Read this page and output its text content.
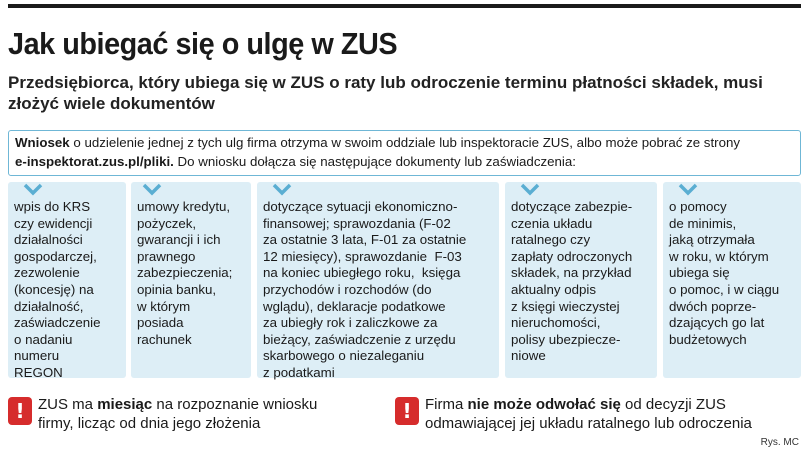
Jak ubiegać się o ulgę w ZUS

Przedsiębiorca, który ubiega się w ZUS o raty lub odroczenie terminu płatności składek, musi złożyć wiele dokumentów

Wniosek o udzielenie jednej z tych ulg firma otrzyma w swoim oddziale lub inspektoracie ZUS, albo może pobrać ze strony
e-inspektorat.zus.pl/pliki. Do wniosku dołącza się następujące dokumenty lub zaświadczenia:
wpis do KRS
czy ewidencji
działalności
gospodarczej,
zezwolenie
(koncesję) na
działalność,
zaświadczenie
o nadaniu
numeru
REGON
umowy kredytu,
pożyczek,
gwarancji i ich
prawnego
zabezpieczenia;
opinia banku,
w którym
posiada
rachunek
dotyczące sytuacji ekonomiczno-
finansowej; sprawozdania (F-02
za ostatnie 3 lata, F-01 za ostatnie
12 miesięcy), sprawozdanie  F-03
na koniec ubiegłego roku,  księga
przychodów i rozchodów (do
wglądu), deklaracje podatkowe
za ubiegły rok i zaliczkowe za
bieżący, zaświadczenie z urzędu
skarbowego o niezaleganiu
z podatkami
dotyczące zabezpie-
czenia układu
ratalnego czy
zapłaty odroczonych
składek, na przykład
aktualny odpis
z księgi wieczystej
nieruchomości,
polisy ubezpiecze-
niowe
o pomocy
de minimis,
jaką otrzymała
w roku, w którym
ubiega się
o pomoc, i w ciągu
dwóch poprze-
dzających go lat
budżetowych
! ZUS ma miesiąc na rozpoznanie wniosku
firmy, licząc od dnia jego złożenia
! Firma nie może odwołać się od decyzji ZUS
odmawiającej jej układu ratalnego lub odroczenia
Rys. MC
